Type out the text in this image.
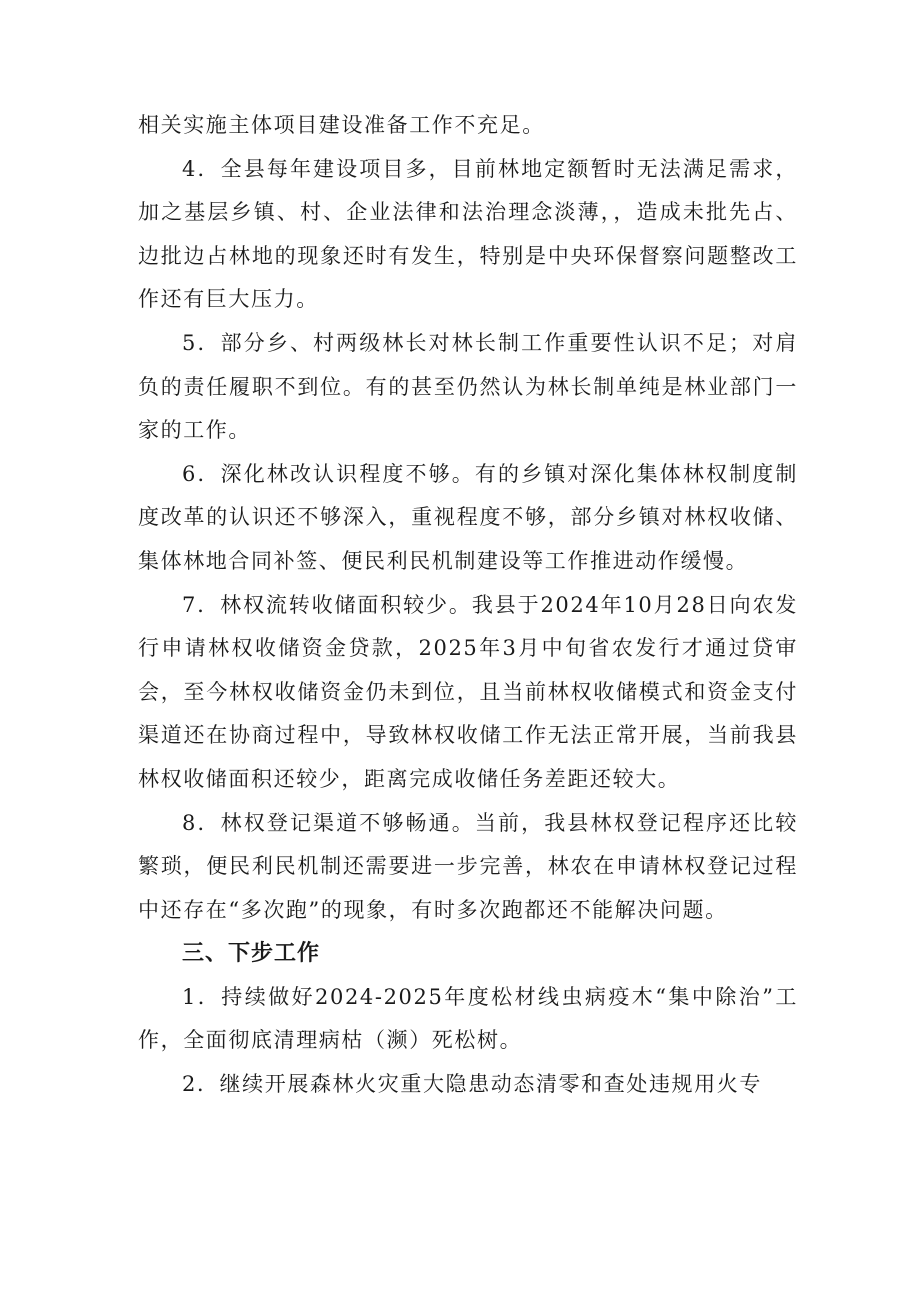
相关实施主体项目建设准备工作不充足。

4．全县每年建设项目多，目前林地定额暂时无法满足需求，加之基层乡镇、村、企业法律和法治理念淡薄，，造成未批先占、边批边占林地的现象还时有发生，特别是中央环保督察问题整改工作还有巨大压力。

5．部分乡、村两级林长对林长制工作重要性认识不足；对肩负的责任履职不到位。有的甚至仍然认为林长制单纯是林业部门一家的工作。

6．深化林改认识程度不够。有的乡镇对深化集体林权制度制度改革的认识还不够深入，重视程度不够，部分乡镇对林权收储、集体林地合同补签、便民利民机制建设等工作推进动作缓慢。

7．林权流转收储面积较少。我县于2024年10月28日向农发行申请林权收储资金贷款，2025年3月中旬省农发行才通过贷审会，至今林权收储资金仍未到位，且当前林权收储模式和资金支付渠道还在协商过程中，导致林权收储工作无法正常开展，当前我县林权收储面积还较少，距离完成收储任务差距还较大。

8．林权登记渠道不够畅通。当前，我县林权登记程序还比较繁琐，便民利民机制还需要进一步完善，林农在申请林权登记过程中还存在“多次跑”的现象，有时多次跑都还不能解决问题。

三、下步工作

1．持续做好2024-2025年度松材线虫病疫木“集中除治”工作，全面彻底清理病枯（濒）死松树。

2．继续开展森林火灾重大隐患动态清零和查处违规用火专
